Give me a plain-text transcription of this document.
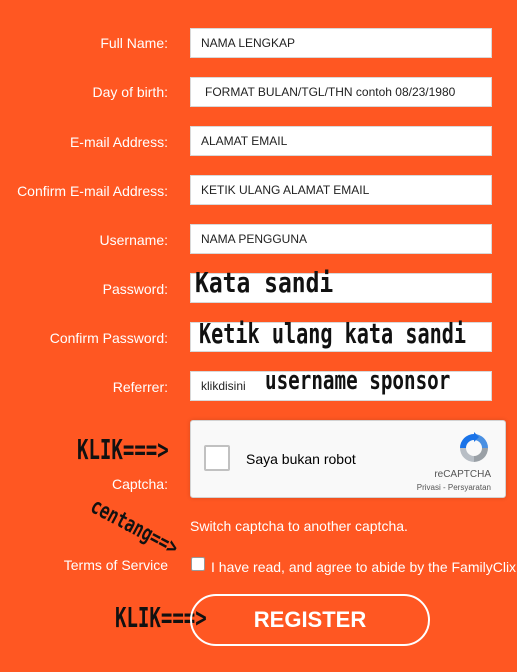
Full Name:	NAMA LENGKAP
Day of birth:	FORMAT BULAN/TGL/THN contoh 08/23/1980
E-mail Address:	ALAMAT EMAIL
Confirm E-mail Address:	KETIK ULANG ALAMAT EMAIL
Username:	NAMA PENGGUNA
Password: Kata sandi
Confirm Password: Ketik ulang kata sandi
Referrer:	klikdisini username sponsor
Captcha:
KLIK===>	Saya bukan robot
reCAPTCHA
Privasi - Persyaratan
Switch captcha to another captcha.
centang==>
Terms of Service	I have read, and agree to abide by the FamilyClix
KLIK===>	REGISTER
